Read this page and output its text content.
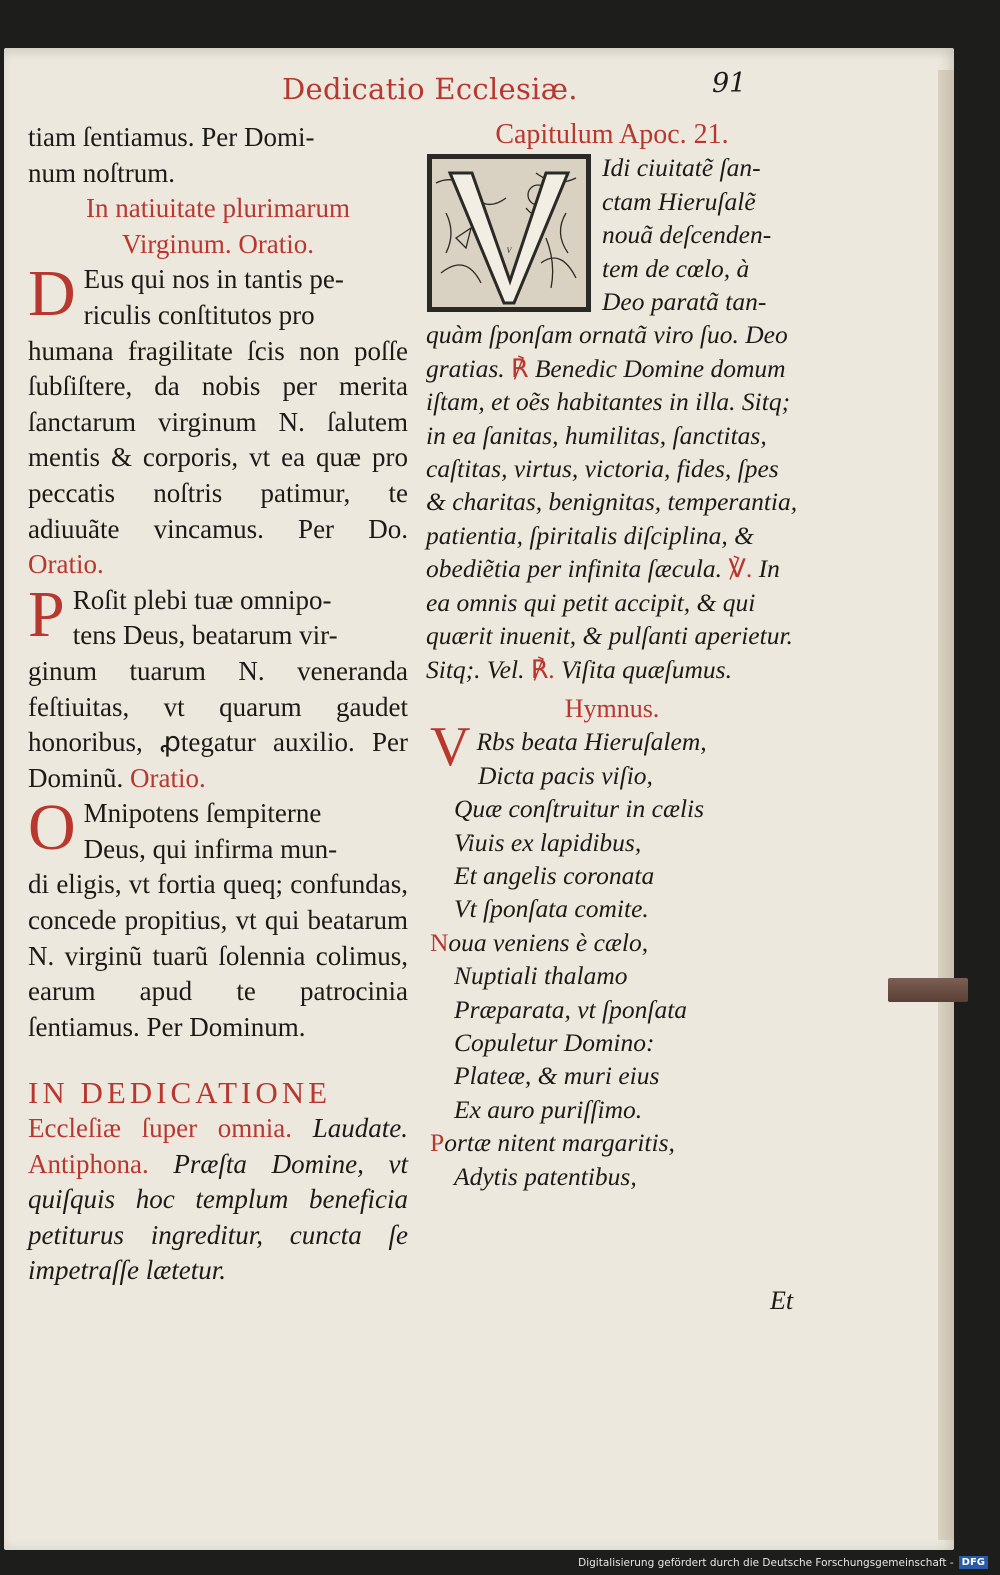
Dedicatio Ecclesiæ.	91

tiam ſentiamus. Per Domi-

num noſtrum.

In natiuitate plurimarum

Virginum. Oratio.

D Eus qui nos in tantis pe-
riculis conſtitutos pro
humana fragilitate ſcis non poſſe ſubſiſtere, da nobis per merita ſanctarum virginum N. ſalutem mentis & corporis, vt ea quæ pro peccatis noſtris patimur, te adiuuãte vincamus. Per Do. Oratio.
P Roſit plebi tuæ omnipo-
tens Deus, beatarum vir-
ginum tuarum N. veneranda feſtiuitas, vt quarum gaudet honoribus, ꝓtegatur auxilio. Per Dominũ. Oratio.
O Mnipotens ſempiterne
Deus, qui infirma mun-
di eligis, vt fortia queq; confundas, concede propitius, vt qui beatarum N. virginũ tuarũ ſolennia colimus, earum apud te patrocinia ſentiamus. Per Dominum.

IN DEDICATIONE

Eccleſiæ ſuper omnia. Laudate. Antiphona. Præſta Domine, vt quiſquis hoc templum beneficia petiturus ingreditur, cuncta ſe impetraſſe lætetur.

Capitulum Apoc. 21.

V
Idi ciuitatẽ ſan-
ctam Hieruſalẽ
nouã deſcenden-
tem de cœlo, à
Deo paratã tan-
quàm ſponſam ornatã viro ſuo. Deo gratias. ℟ Benedic Domine domum iſtam, et oẽs habitantes in illa. Sitq; in ea ſanitas, humilitas, ſanctitas, caſtitas, virtus, victoria, fides, ſpes & charitas, benignitas, temperantia, patientia, ſpiritalis diſciplina, & obediẽtia per infinita ſæcula. ℣. In ea omnis qui petit accipit, & qui quærit inuenit, & pulſanti aperietur. Sitq;. Vel. ℟. Viſita quæſumus.

Hymnus.

V Rbs beata Hieruſalem,
Dicta pacis viſio,
Quæ conſtruitur in cælis
Viuis ex lapidibus,
Et angelis coronata
Vt ſponſata comite.
Noua veniens è cælo,
Nuptiali thalamo
Præparata, vt ſponſata
Copuletur Domino:
Plateæ, & muri eius
Ex auro puriſſimo.
Portæ nitent margaritis,
Adytis patentibus,
Et
Digitalisierung gefördert durch die Deutsche Forschungsgemeinschaft - DFG
